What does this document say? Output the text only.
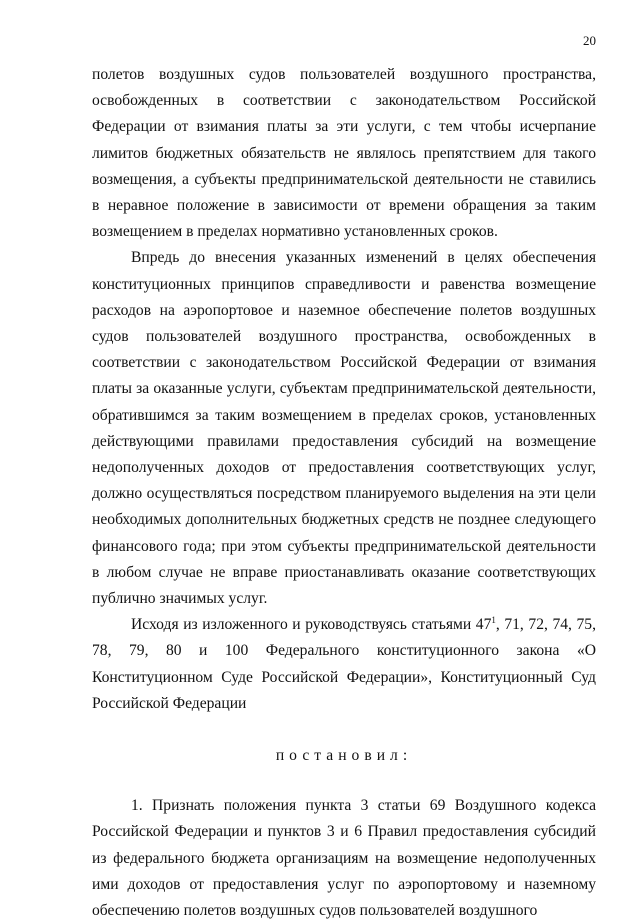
20

полетов воздушных судов пользователей воздушного пространства, освобожденных в соответствии с законодательством Российской Федерации от взимания платы за эти услуги, с тем чтобы исчерпание лимитов бюджетных обязательств не являлось препятствием для такого возмещения, а субъекты предпринимательской деятельности не ставились в неравное положение в зависимости от времени обращения за таким возмещением в пределах нормативно установленных сроков.

Впредь до внесения указанных изменений в целях обеспечения конституционных принципов справедливости и равенства возмещение расходов на аэропортовое и наземное обеспечение полетов воздушных судов пользователей воздушного пространства, освобожденных в соответствии с законодательством Российской Федерации от взимания платы за оказанные услуги, субъектам предпринимательской деятельности, обратившимся за таким возмещением в пределах сроков, установленных действующими правилами предоставления субсидий на возмещение недополученных доходов от предоставления соответствующих услуг, должно осуществляться посредством планируемого выделения на эти цели необходимых дополнительных бюджетных средств не позднее следующего финансового года; при этом субъекты предпринимательской деятельности в любом случае не вправе приостанавливать оказание соответствующих публично значимых услуг.

Исходя из изложенного и руководствуясь статьями $47^1$, 71, 72, 74, 75, 78, 79, 80 и 100 Федерального конституционного закона «О Конституционном Суде Российской Федерации», Конституционный Суд Российской Федерации

постановил:

1. Признать положения пункта 3 статьи 69 Воздушного кодекса Российской Федерации и пунктов 3 и 6 Правил предоставления субсидий из федерального бюджета организациям на возмещение недополученных ими доходов от предоставления услуг по аэропортовому и наземному обеспечению полетов воздушных судов пользователей воздушного
